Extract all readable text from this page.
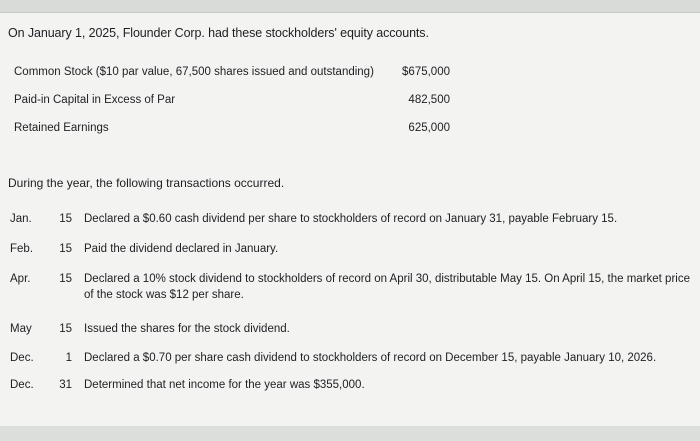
On January 1, 2025, Flounder Corp. had these stockholders' equity accounts.
Common Stock ($10 par value, 67,500 shares issued and outstanding) $675,000
Paid-in Capital in Excess of Par	482,500
Retained Earnings	625,000
During the year, the following transactions occurred.
Jan.	15 Declared a $0.60 cash dividend per share to stockholders of record on January 31, payable February 15.
Feb.	15 Paid the dividend declared in January.
Apr.	15 Declared a 10% stock dividend to stockholders of record on April 30, distributable May 15. On April 15, the market price of the stock was $12 per share.
May	15 Issued the shares for the stock dividend.
Dec.	1 Declared a $0.70 per share cash dividend to stockholders of record on December 15, payable January 10, 2026.
Dec.	31 Determined that net income for the year was $355,000.
